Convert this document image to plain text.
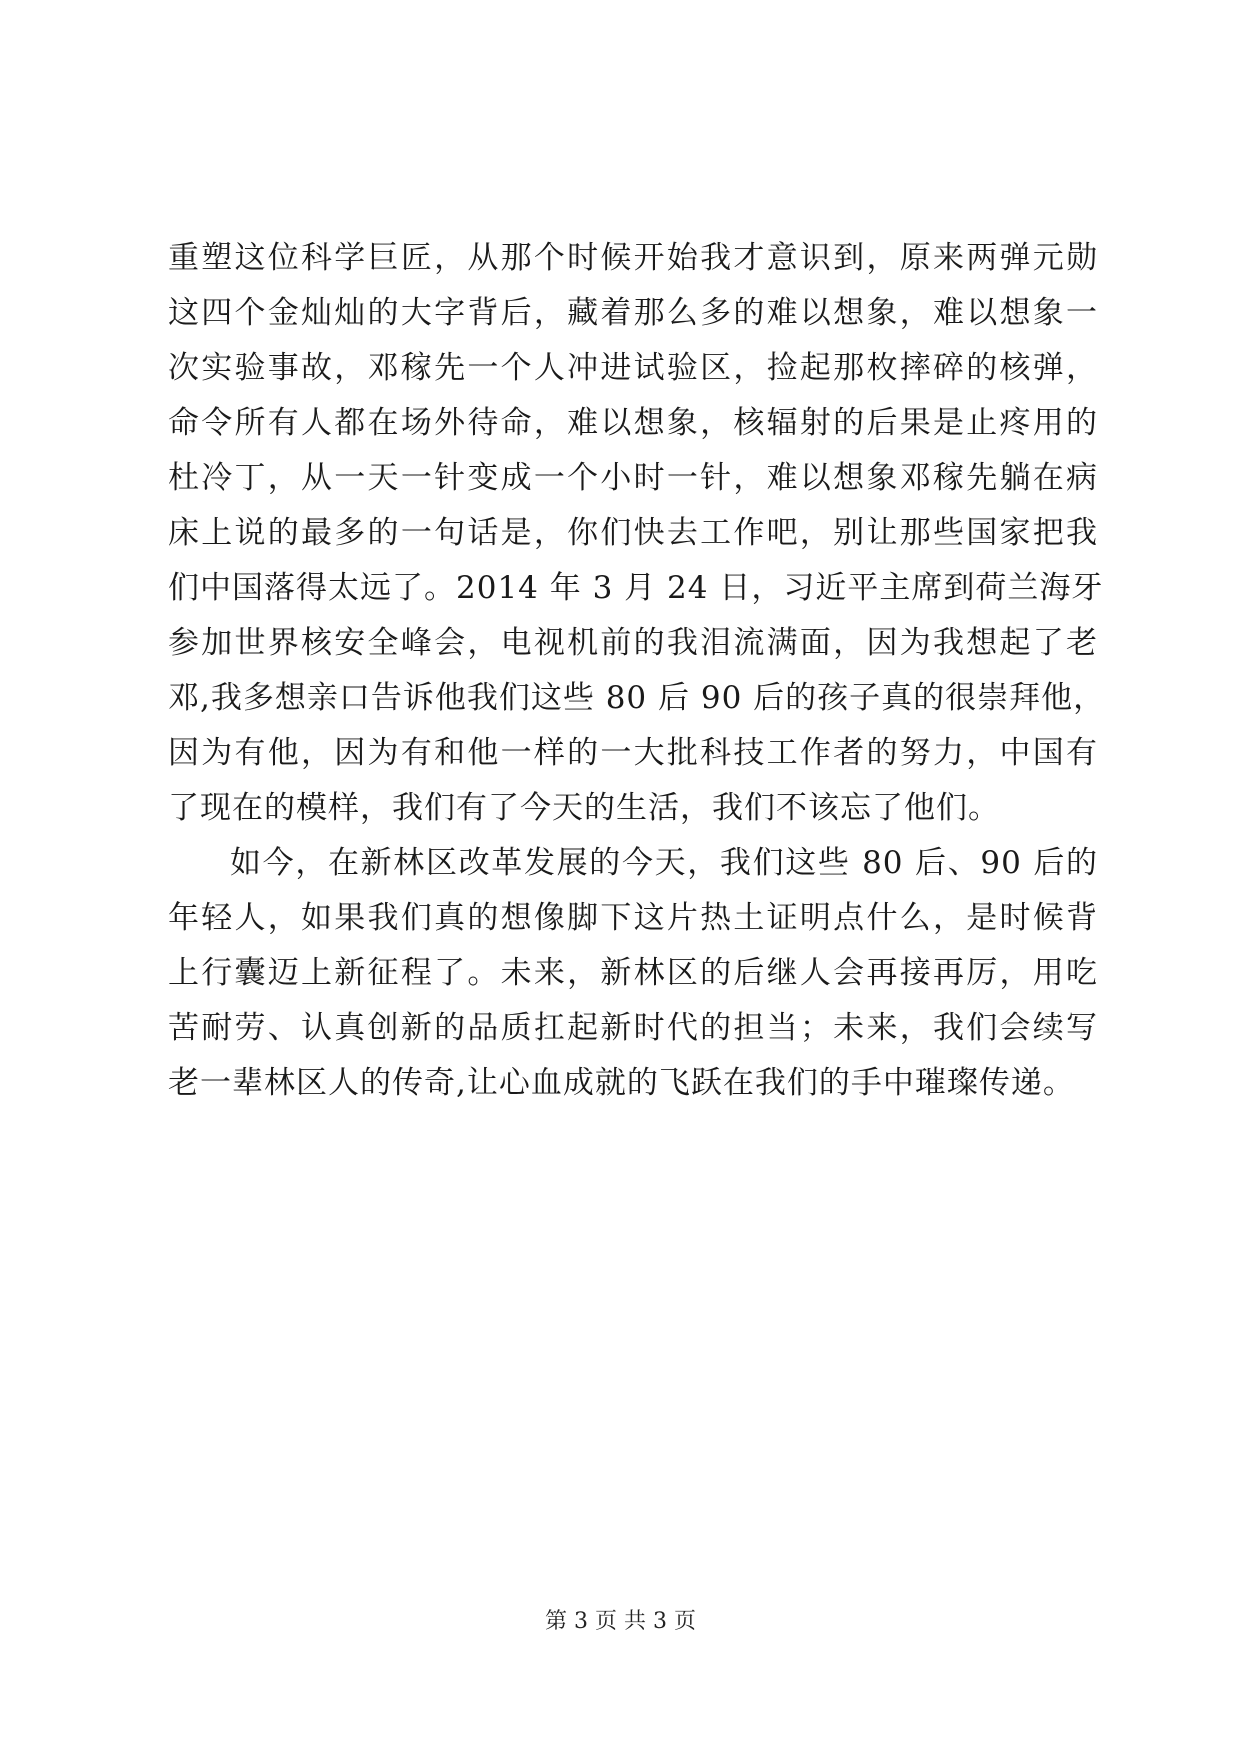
重塑这位科学巨匠，从那个时候开始我才意识到，原来两弹元勋
这四个金灿灿的大字背后，藏着那么多的难以想象，难以想象一
次实验事故，邓稼先一个人冲进试验区，捡起那枚摔碎的核弹，
命令所有人都在场外待命，难以想象，核辐射的后果是止疼用的
杜冷丁，从一天一针变成一个小时一针，难以想象邓稼先躺在病
床上说的最多的一句话是，你们快去工作吧，别让那些国家把我
们中国落得太远了。2014 年 3 月 24 日，习近平主席到荷兰海牙
参加世界核安全峰会，电视机前的我泪流满面，因为我想起了老
邓,我多想亲口告诉他我们这些 80 后 90 后的孩子真的很崇拜他，
因为有他，因为有和他一样的一大批科技工作者的努力，中国有
了现在的模样，我们有了今天的生活，我们不该忘了他们。
如今，在新林区改革发展的今天，我们这些 80 后、90 后的
年轻人，如果我们真的想像脚下这片热土证明点什么，是时候背
上行囊迈上新征程了。未来，新林区的后继人会再接再厉，用吃
苦耐劳、认真创新的品质扛起新时代的担当；未来，我们会续写
老一辈林区人的传奇,让心血成就的飞跃在我们的手中璀璨传递。
第 3 页 共 3 页
